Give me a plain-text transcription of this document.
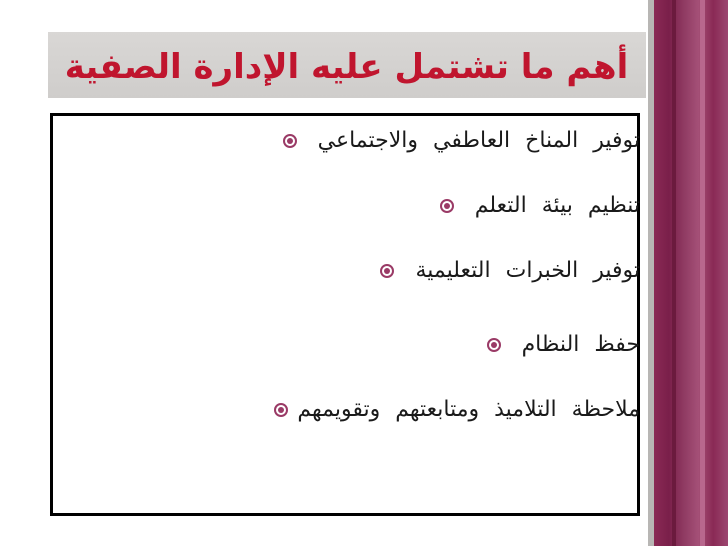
أهم ما تشتمل عليه الإدارة الصفية
توفير المناخ العاطفي والاجتماعي
تنظيم بيئة التعلم
توفير الخبرات التعليمية
حفظ النظام
ملاحظة التلاميذ ومتابعتهم وتقويمهم
